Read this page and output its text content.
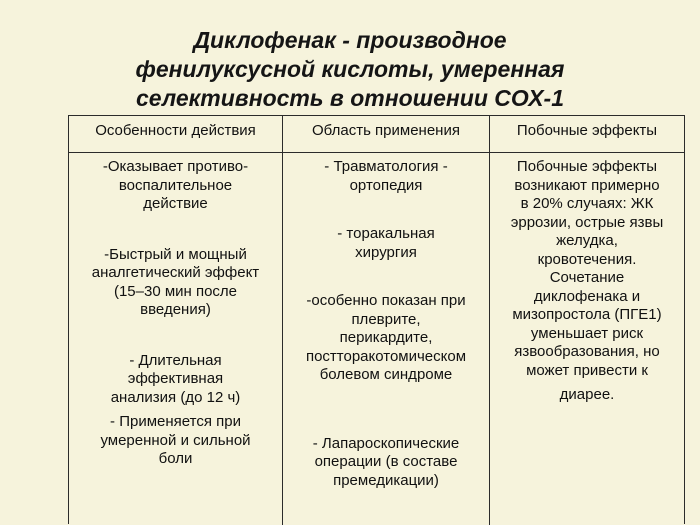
Диклофенак - производное
фенилуксусной кислоты, умеренная
селективность в отношении СОХ-1
Особенности действия	Область применения	Побочные эффекты
-Оказывает противо-
воспалительное
действие
-Быстрый и мощный
аналгетический эффект
(15–30 мин после
введения)
- Длительная
эффективная
анализия (до 12 ч)
- Применяется при
умеренной и сильной
боли
- Травматология -
ортопедия
- торакальная
хирургия
-особенно показан при
плеврите,
перикардите,
постторакотомическом
болевом синдроме
- Лапароскопические
операции (в составе
премедикации)
Побочные эффекты
возникают примерно
в 20% случаях: ЖК
эррозии, острые язвы
желудка,
кровотечения.
Сочетание
диклофенака и
мизопростола (ПГЕ1)
уменьшает риск
язвообразования, но
может привести к
диарее.
